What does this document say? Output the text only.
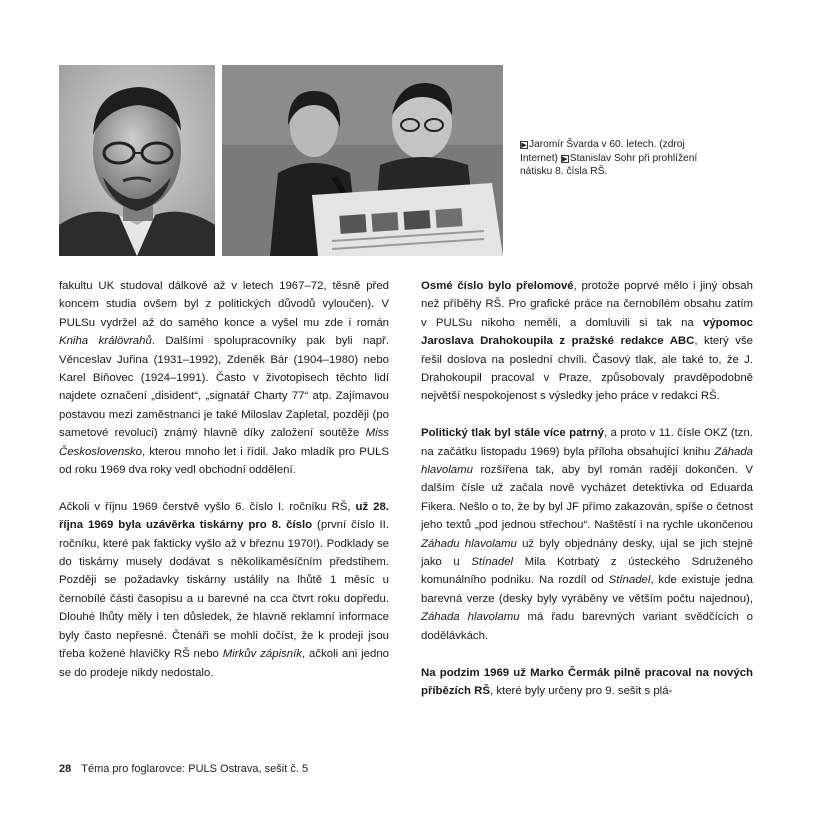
▶ Jaromír Švarda v 60. letech. (zdroj Internet) ▶ Stanislav Sohr při prohlížení nátisku 8. čísla RŠ.

fakultu UK studoval dálkově až v letech 1967–72, těsně před koncem studia ovšem byl z politických důvodů vyloučen). V PULSu vydržel až do samého konce a vyšel mu zde i román Kniha králövrahů. Dalšími spolupracovníky pak byli např. Věnceslav Juřina (1931–1992), Zdeněk Bár (1904–1980) nebo Karel Biňovec (1924–1991). Často v životopisech těchto lidí najdete označení „disident“, „signatář Charty 77“ atp. Zajímavou postavou mezi zaměstnanci je také Miloslav Zapletal, později (po sametové revoluci) známý hlavně díky založení soutěže Miss Československo, kterou mnoho let i řídil. Jako mladík pro PULS od roku 1969 dva roky vedl obchodní oddělení.

Ačkoli v říjnu 1969 čerstvě vyšlo 6. číslo I. ročníku RŠ, už 28. října 1969 byla uzávěrka tiskárny pro 8. číslo (první číslo II. ročníku, které pak fakticky vyšlo až v březnu 1970!). Podklady se do tiskárny musely dodávat s několikaměsíčním předstihem. Později se požadavky tiskárny ustálily na lhůtě 1 měsíc u černobílé části časopisu a u barevné na cca čtvrt roku dopředu. Dlouhé lhůty měly i ten důsledek, že hlavně reklamní informace byly často nepřesné. Čtenáři se mohli dočíst, že k prodeji jsou třeba kožené hlavičky RŠ nebo Mirkův zápisník, ačkoli ani jedno se do prodeje nikdy nedostalo.

Osmé číslo bylo přelomové, protože poprvé mělo i jiný obsah než příběhy RŠ. Pro grafické práce na černobílém obsahu zatím v PULSu nikoho neměli, a domluvili si tak na výpomoc Jaroslava Drahokoupila z pražské redakce ABC, který vše řešil doslova na poslední chvíli. Časový tlak, ale také to, že J. Drahokoupil pracoval v Praze, způsobovaly pravděpodobně největší nespokojenost s výsledky jeho práce v redakci RŠ.

Politický tlak byl stále více patrný, a proto v 11. čísle OKZ (tzn. na začátku listopadu 1969) byla příloha obsahující knihu Záhada hlavolamu rozšířena tak, aby byl román raději dokončen. V dalším čísle už začala nově vycházet detektivka od Eduarda Fikera. Nešlo o to, že by byl JF přímo zakazován, spíše o četnost jeho textů „pod jednou střechou“. Naštěstí i na rychle ukončenou Záhadu hlavolamu už byly objednány desky, ujal se jich stejně jako u Stínadel Mila Kotrbatý z ústeckého Sdruženého komunálního podniku. Na rozdíl od Stínadel, kde existuje jedna barevná verze (desky byly vyráběny ve větším počtu najednou), Záhada hlavolamu má řadu barevných variant svědčících o dodělávkách.

Na podzim 1969 už Marko Čermák pilně pracoval na nových příbězích RŠ, které byly určeny pro 9. sešit s plá-

28 Téma pro foglarovce: PULS Ostrava, sešit č. 5
